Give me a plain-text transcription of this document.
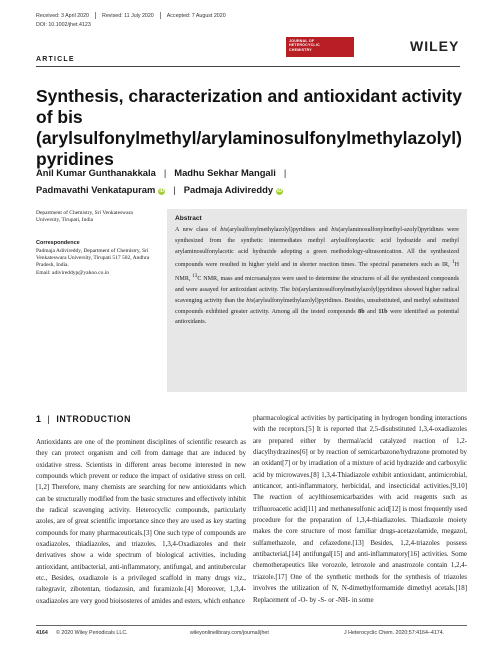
Received: 3 April 2020 Revised: 11 July 2020 Accepted: 7 August 2020
DOI: 10.1002/jhet.4123
JOURNAL OF
HETEROCYCLIC
CHEMISTRY	WILEY
ARTICLE
Synthesis, characterization and antioxidant activity of bis (arylsulfonylmethyl/arylaminosulfonylmethylazolyl) pyridines
Anil Kumar Gunthanakkala | Madhu Sekhar Mangali |
Padmavathi Venkatapuram iD | Padmaja Adivireddy iD
Department of Chemistry, Sri Venkateswara University, Tirupati, India
Correspondence
Padmaja Adivireddy, Department of Chemistry, Sri Venkateswara University, Tirupati 517 502, Andhra Pradesh, India.
Email: adivireddyp@yahoo.co.in
Abstract
A new class of bis(arylsulfonylmethylazolyl)pyridines and bis(arylaminosulfonylmethyl-azolyl)pyridines were synthesized from the synthetic intermediates methyl arylsulfonylacetic acid hydrazide and methyl arylaminosulfonylacetic acid hydrazide adopting a green methodology-ultrasonication. All the synthesized compounds were resulted in higher yield and in shorter reaction times. The spectral parameters such as IR, $^1$H NMR, $^{13}$C NMR, mass and microanalyzes were used to determine the structures of all the synthesized compounds and were assayed for antioxidant activity. The bis(arylaminosulfonylmethylazolyl)pyridines showed higher radical scavenging activity than the bis(arylsulfonylmethylazolyl)pyridines. Besides, unsubstituted, and methyl substituted compounds exhibited greater activity. Among all the tested compounds 8b and 11b were identified as potential antioxidants.
1 | INTRODUCTION
Antioxidants are one of the prominent disciplines of scientific research as they can protect organism and cell from damage that are induced by oxidative stress. Scientists in different areas become interested in new compounds which prevent or reduce the impact of oxidative stress on cell.[1,2] Therefore, many chemists are searching for new antioxidants which can be structurally modified from the basic structures and effectively inhibit the radical scavenging activity. Heterocyclic compounds, particularly azoles, are of great scientific importance since they are used as key starting compounds for many pharmaceuticals.[3] One such type of compounds are oxadiazoles, thiadiazoles, and triazoles. 1,3,4-Oxadiazoles and their derivatives show a wide spectrum of biological activities, including antioxidant, antibacterial, anti-inflammatory, antifungal, and antitubercular etc., Besides, oxadiazole is a privileged scaffold in many drugs viz., raltegravir, zibotentan, tiodazosin, and furamizole.[4] Moreover, 1,3,4-oxadiazoles are very good bioisosteres of amides and esters, which enhance
pharmacological activities by participating in hydrogen bonding interactions with the receptors.[5] It is reported that 2,5-disubstituted 1,3,4-oxadiazoles are prepared either by thermal/acid catalyzed reaction of 1,2-diacylhydrazines[6] or by reaction of semicarbazone/hydrazone promoted by an oxidant[7] or by irradiation of a mixture of acid hydrazide and carboxylic acid by microwaves.[8] 1,3,4-Thiadiazole exhibit antioxidant, antimicrobial, anticancer, anti-inflammatory, herbicidal, and insecticidal activities.[9,10] The reaction of acylthiosemicarbazides with acid reagents such as trifluoroacetic acid[11] and methanesulfonic acid[12] is most frequently used procedure for the preparation of 1,3,4-thiadiazoles. Thiadiazole moiety makes the core structure of most familiar drugs-acetazolamide, megazol, sulfamethazole, and cefazedone.[13] Besides, 1,2,4-triazoles possess antibacterial,[14] antifungal[15] and anti-inflammatory[16] activities. Some chemotherapeutics like vorozole, letrozole and anastrozole contain 1,2,4-triazole.[17] One of the synthetic methods for the synthesis of triazoles involves the utilization of N, N-dimethylformamide dimethyl acetals.[18] Replacement of -O- by -S- or -NH- in some
4164 © 2020 Wiley Periodicals LLC.	wileyonlinelibrary.com/journal/jhet	J Heterocyclic Chem. 2020;57:4164–4174.
